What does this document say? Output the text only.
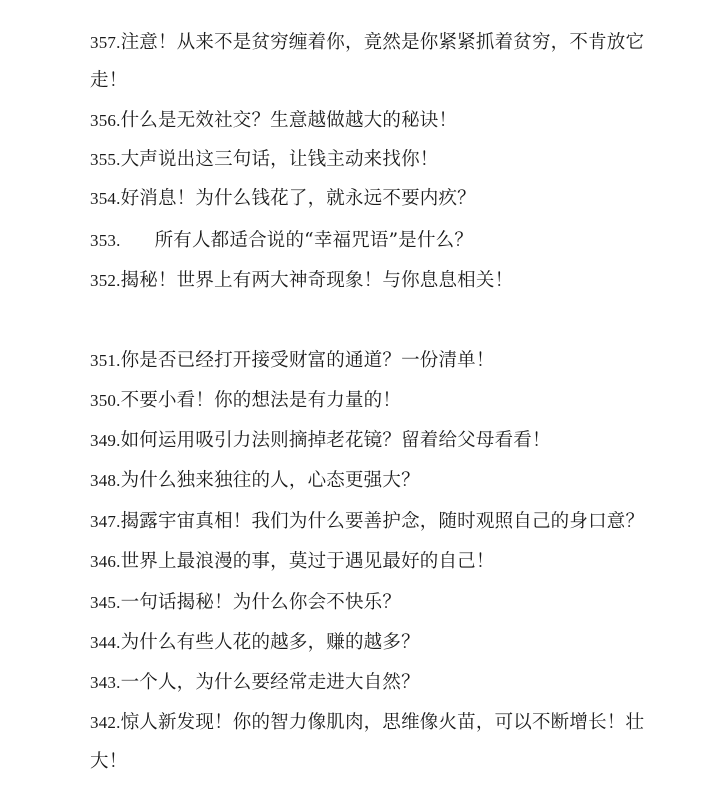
357.注意！从来不是贫穷缠着你，竟然是你紧紧抓着贫穷，不肯放它
走！
356.什么是无效社交？生意越做越大的秘诀！
355.大声说出这三句话，让钱主动来找你！
354.好消息！为什么钱花了，就永远不要内疚？
353. 所有人都适合说的“幸福咒语”是什么？
352.揭秘！世界上有两大神奇现象！与你息息相关！
351.你是否已经打开接受财富的通道？一份清单！
350.不要小看！你的想法是有力量的！
349.如何运用吸引力法则摘掉老花镜？留着给父母看看！
348.为什么独来独往的人，心态更强大？
347.揭露宇宙真相！我们为什么要善护念，随时观照自己的身口意？
346.世界上最浪漫的事，莫过于遇见最好的自己！
345.一句话揭秘！为什么你会不快乐？
344.为什么有些人花的越多，赚的越多？
343.一个人，为什么要经常走进大自然？
342.惊人新发现！你的智力像肌肉，思维像火苗，可以不断增长！壮
大！
